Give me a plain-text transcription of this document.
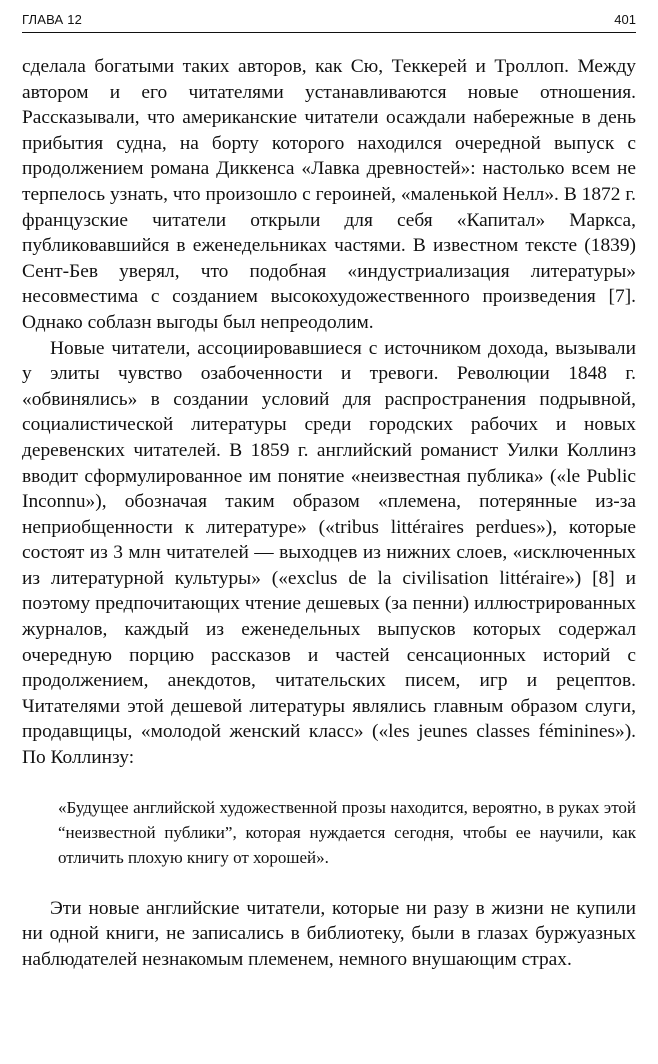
ГЛАВА 12	401

сделала богатыми таких авторов, как Сю, Теккерей и Троллоп. Между автором и его читателями устанавливаются новые отношения. Рассказывали, что американские читатели осаждали набережные в день прибытия судна, на борту которого находился очередной выпуск с продолжением романа Диккенса «Лавка древностей»: настолько всем не терпелось узнать, что произошло с героиней, «маленькой Нелл». В 1872 г. французские читатели открыли для себя «Капитал» Маркса, публиковавшийся в еженедельниках частями. В известном тексте (1839) Сент-Бев уверял, что подобная «индустриализация литературы» несовместима с созданием высокохудожественного произведения [7]. Однако соблазн выгоды был непреодолим.

Новые читатели, ассоциировавшиеся с источником дохода, вызывали у элиты чувство озабоченности и тревоги. Революции 1848 г. «обвинялись» в создании условий для распространения подрывной, социалистической литературы среди городских рабочих и новых деревенских читателей. В 1859 г. английский романист Уилки Коллинз вводит сформулированное им понятие «неизвестная публика» («le Public Inconnu»), обозначая таким образом «племена, потерянные из-за неприобщенности к литературе» («tribus littéraires perdues»), которые состоят из 3 млн читателей — выходцев из нижних слоев, «исключенных из литературной культуры» («exclus de la civilisation littéraire») [8] и поэтому предпочитающих чтение дешевых (за пенни) иллюстрированных журналов, каждый из еженедельных выпусков которых содержал очередную порцию рассказов и частей сенсационных историй с продолжением, анекдотов, читательских писем, игр и рецептов. Читателями этой дешевой литературы являлись главным образом слуги, продавщицы, «молодой женский класс» («les jeunes classes féminines»). По Коллинзу:

«Будущее английской художественной прозы находится, вероятно, в руках этой “неизвестной публики”, которая нуждается сегодня, чтобы ее научили, как отличить плохую книгу от хорошей».

Эти новые английские читатели, которые ни разу в жизни не купили ни одной книги, не записались в библиотеку, были в глазах буржуазных наблюдателей незнакомым племенем, немного внушающим страх.
